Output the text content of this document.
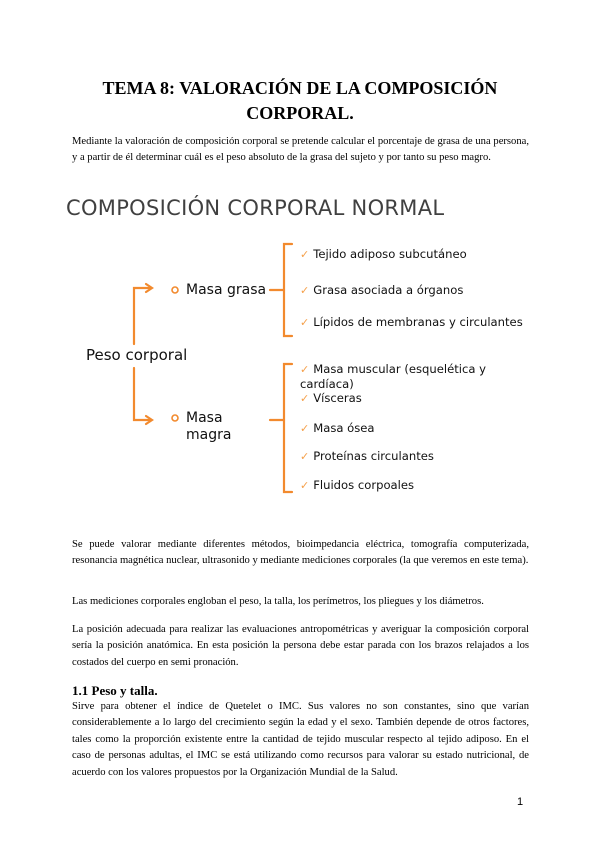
TEMA 8: VALORACIÓN DE LA COMPOSICIÓN
CORPORAL.
Mediante la valoración de composición corporal se pretende calcular el porcentaje de grasa de una persona, y a partir de él determinar cuál es el peso absoluto de la grasa del sujeto y por tanto su peso magro.
COMPOSICIÓN CORPORAL NORMAL
Peso corporal
Masa grasa
Masa
magra
✓ Tejido adiposo subcutáneo
✓ Grasa asociada a órganos
✓ Lípidos de membranas y circulantes
✓ Masa muscular (esquelética y
cardíaca)
✓ Vísceras
✓ Masa ósea
✓ Proteínas circulantes
✓ Fluidos corpoales
Se puede valorar mediante diferentes métodos, bioimpedancia eléctrica, tomografía computerizada, resonancia magnética nuclear, ultrasonido y mediante mediciones corporales (la que veremos en este tema).
Las mediciones corporales engloban el peso, la talla, los perímetros, los pliegues y los diámetros.
La posición adecuada para realizar las evaluaciones antropométricas y averiguar la composición corporal sería la posición anatómica. En esta posición la persona debe estar parada con los brazos relajados a los costados del cuerpo en semi pronación.
1.1 Peso y talla.
Sirve para obtener el índice de Quetelet o IMC. Sus valores no son constantes, sino que varían considerablemente a lo largo del crecimiento según la edad y el sexo. También depende de otros factores, tales como la proporción existente entre la cantidad de tejido muscular respecto al tejido adiposo. En el caso de personas adultas, el IMC se está utilizando como recursos para valorar su estado nutricional, de acuerdo con los valores propuestos por la Organización Mundial de la Salud.
1
